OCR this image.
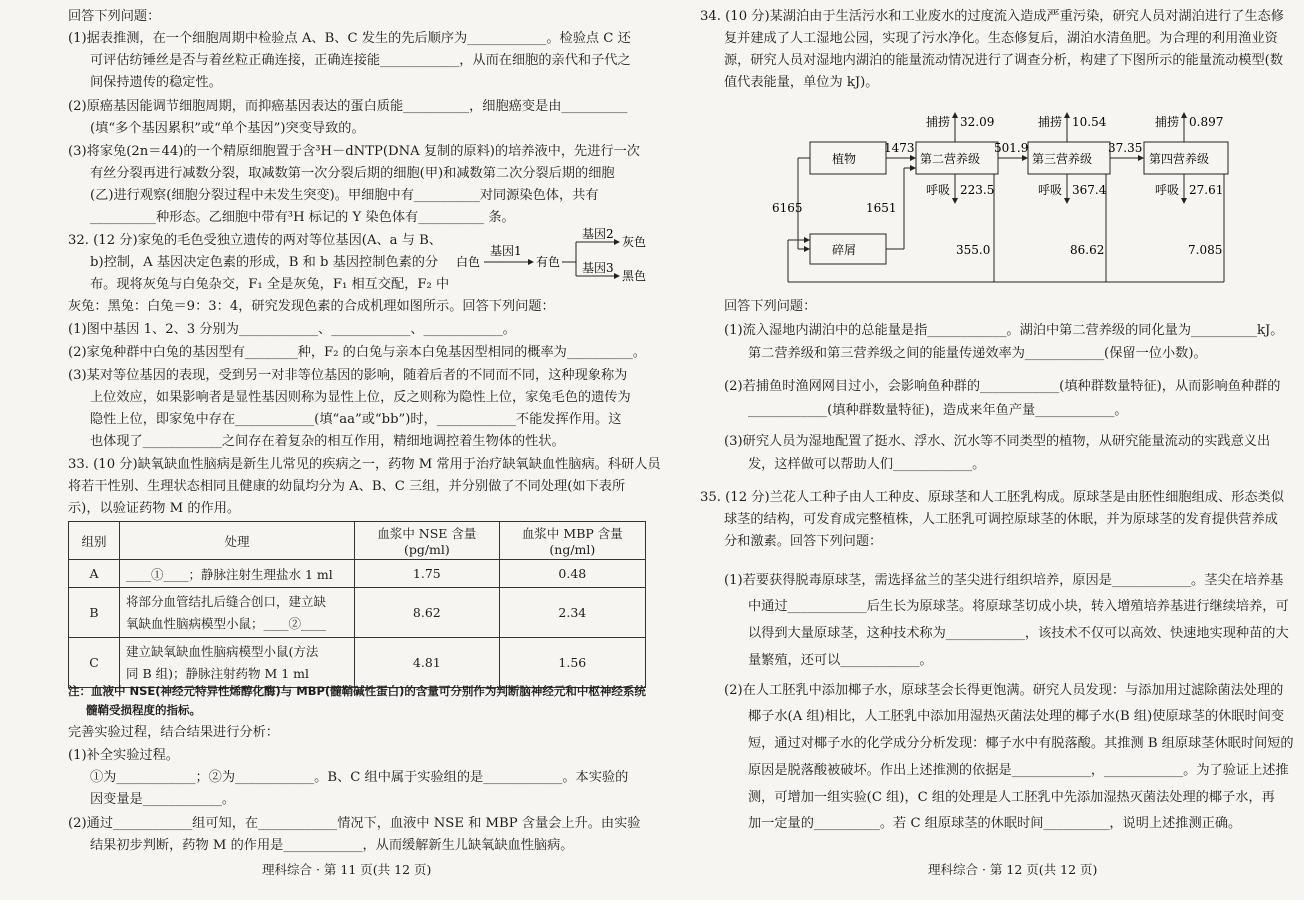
回答下列问题：
(1)据表推测，在一个细胞周期中检验点 A、B、C 发生的先后顺序为____________。检验点 C 还
可评估纺锤丝是否与着丝粒正确连接，正确连接能____________，从而在细胞的亲代和子代之
间保持遗传的稳定性。
(2)原癌基因能调节细胞周期，而抑癌基因表达的蛋白质能__________，细胞癌变是由__________
(填“多个基因累积”或“单个基因”)突变导致的。
(3)将家兔(2n＝44)的一个精原细胞置于含³H－dNTP(DNA 复制的原料)的培养液中，先进行一次
有丝分裂再进行减数分裂，取减数第一次分裂后期的细胞(甲)和减数第二次分裂后期的细胞
(乙)进行观察(细胞分裂过程中未发生突变)。甲细胞中有__________对同源染色体，共有
__________种形态。乙细胞中带有³H 标记的 Y 染色体有__________ 条。
32. (12 分)家兔的毛色受独立遗传的两对等位基因(A、a 与 B、
b)控制，A 基因决定色素的形成，B 和 b 基因控制色素的分
布。现将灰兔与白兔杂交，F₁ 全是灰兔，F₁ 相互交配，F₂ 中
灰兔：黑兔：白兔＝9：3：4，研究发现色素的合成机理如图所示。回答下列问题：
(1)图中基因 1、2、3 分别为____________、____________、____________。
(2)家兔种群中白兔的基因型有________种，F₂ 的白兔与亲本白兔基因型相同的概率为__________。
(3)某对等位基因的表现，受到另一对非等位基因的影响，随着后者的不同而不同，这种现象称为
上位效应，如果影响者是显性基因则称为显性上位，反之则称为隐性上位，家兔毛色的遗传为
隐性上位，即家兔中存在____________(填“aa”或“bb”)时，____________不能发挥作用。这
也体现了____________之间存在着复杂的相互作用，精细地调控着生物体的性状。
33. (10 分)缺氧缺血性脑病是新生儿常见的疾病之一，药物 M 常用于治疗缺氧缺血性脑病。科研人员
将若干性别、生理状态相同且健康的幼鼠均分为 A、B、C 三组，并分别做了不同处理(如下表所
示)，以验证药物 M 的作用。
完善实验过程，结合结果进行分析：
(1)补全实验过程。
①为____________；②为____________。B、C 组中属于实验组的是____________。本实验的
因变量是____________。
(2)通过____________组可知，在____________情况下，血液中 NSE 和 MBP 含量会上升。由实验
结果初步判断，药物 M 的作用是____________，从而缓解新生儿缺氧缺血性脑病。
白色
基因1
有色
基因2
灰色
基因3
黑色
组别	处理	血浆中 NSE 含量(pg/ml)	血浆中 MBP 含量(ng/ml)
A	____①____；静脉注射生理盐水 1 ml	1.75	0.48
B	将部分血管结扎后缝合创口，建立缺
氧缺血性脑病模型小鼠；____②____	8.62	2.34
C	建立缺氧缺血性脑病模型小鼠(方法
同 B 组)；静脉注射药物 M 1 ml	4.81	1.56
注：血液中 NSE(神经元特异性烯醇化酶)与 MBP(髓鞘碱性蛋白)的含量可分别作为判断脑神经元和中枢神经系统
髓鞘受损程度的指标。
理科综合 · 第 11 页(共 12 页)
34. (10 分)某湖泊由于生活污水和工业废水的过度流入造成严重污染，研究人员对湖泊进行了生态修
复并建成了人工湿地公园，实现了污水净化。生态修复后，湖泊水清鱼肥。为合理的利用渔业资
源，研究人员对湿地内湖泊的能量流动情况进行了调查分析，构建了下图所示的能量流动模型(数
值代表能量，单位为 kJ)。
回答下列问题：
(1)流入湿地内湖泊中的总能量是指____________。湖泊中第二营养级的同化量为__________kJ。
第二营养级和第三营养级之间的能量传递效率为____________(保留一位小数)。
(2)若捕鱼时渔网网目过小，会影响鱼种群的____________(填种群数量特征)，从而影响鱼种群的
____________(填种群数量特征)，造成来年鱼产量____________。
(3)研究人员为湿地配置了挺水、浮水、沉水等不同类型的植物，从研究能量流动的实践意义出
发，这样做可以帮助人们____________。
35. (12 分)兰花人工种子由人工种皮、原球茎和人工胚乳构成。原球茎是由胚性细胞组成、形态类似
球茎的结构，可发育成完整植株，人工胚乳可调控原球茎的休眠，并为原球茎的发育提供营养成
分和激素。回答下列问题：
(1)若要获得脱毒原球茎，需选择盆兰的茎尖进行组织培养，原因是____________。茎尖在培养基
中通过____________后生长为原球茎。将原球茎切成小块，转入增殖培养基进行继续培养，可
以得到大量原球茎，这种技术称为____________，该技术不仅可以高效、快速地实现种苗的大
量繁殖，还可以____________。
(2)在人工胚乳中添加椰子水，原球茎会长得更饱满。研究人员发现：与添加用过滤除菌法处理的
椰子水(A 组)相比，人工胚乳中添加用湿热灭菌法处理的椰子水(B 组)使原球茎的休眠时间变
短，通过对椰子水的化学成分分析发现：椰子水中有脱落酸。其推测 B 组原球茎休眠时间短的
原因是脱落酸被破坏。作出上述推测的依据是____________，____________。为了验证上述推
测，可增加一组实验(C 组)，C 组的处理是人工胚乳中先添加湿热灭菌法处理的椰子水，再
加一定量的__________。若 C 组原球茎的休眠时间__________，说明上述推测正确。
植物	第二营养级	第三营养级	第四营养级
碎屑
1473	501.9	37.35
捕捞 32.09	捕捞 10.54	捕捞 0.897
呼吸 223.5	呼吸 367.4	呼吸 27.61
6165	1651
355.0	86.62	7.085
理科综合 · 第 12 页(共 12 页)
